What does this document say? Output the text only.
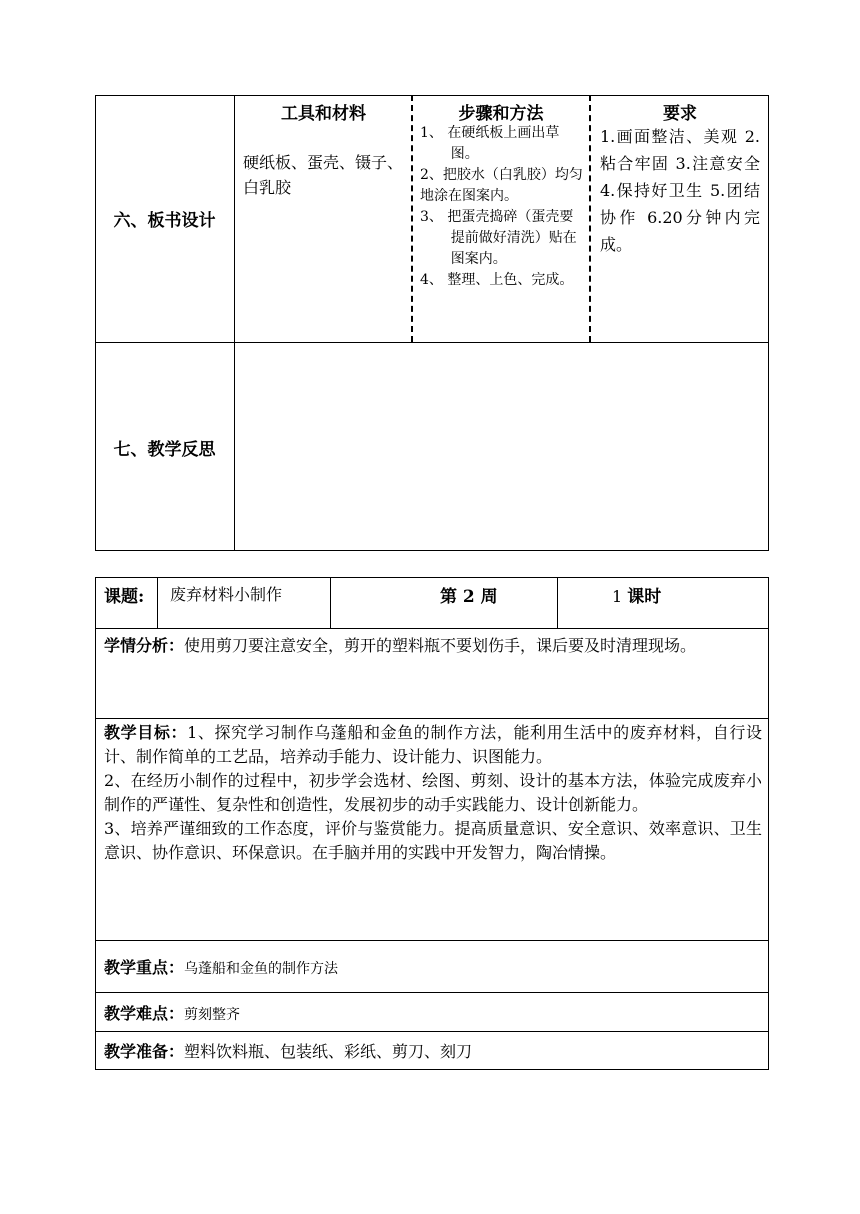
六、板书设计
工具和材料
硬纸板、蛋壳、镊子、白乳胶
步骤和方法
1、 在硬纸板上画出草图。
2、把胶水（白乳胶）均匀地涂在图案内。
3、 把蛋壳捣碎（蛋壳要提前做好清洗）贴在图案内。
4、 整理、上色、完成。
要求
1.画面整洁、美观 2.粘合牢固 3.注意安全 4.保持好卫生 5.团结协作 6.20分钟内完成。
七、教学反思
课题: 废弃材料小制作	第 2 周	1 课时
学情分析：使用剪刀要注意安全，剪开的塑料瓶不要划伤手，课后要及时清理现场。
教学目标：1、探究学习制作乌蓬船和金鱼的制作方法，能利用生活中的废弃材料，自行设计、制作简单的工艺品，培养动手能力、设计能力、识图能力。
2、在经历小制作的过程中，初步学会选材、绘图、剪刻、设计的基本方法，体验完成废弃小制作的严谨性、复杂性和创造性，发展初步的动手实践能力、设计创新能力。
3、培养严谨细致的工作态度，评价与鉴赏能力。提高质量意识、安全意识、效率意识、卫生意识、协作意识、环保意识。在手脑并用的实践中开发智力，陶冶情操。
教学重点：乌蓬船和金鱼的制作方法
教学难点：剪刻整齐
教学准备：塑料饮料瓶、包装纸、彩纸、剪刀、刻刀
